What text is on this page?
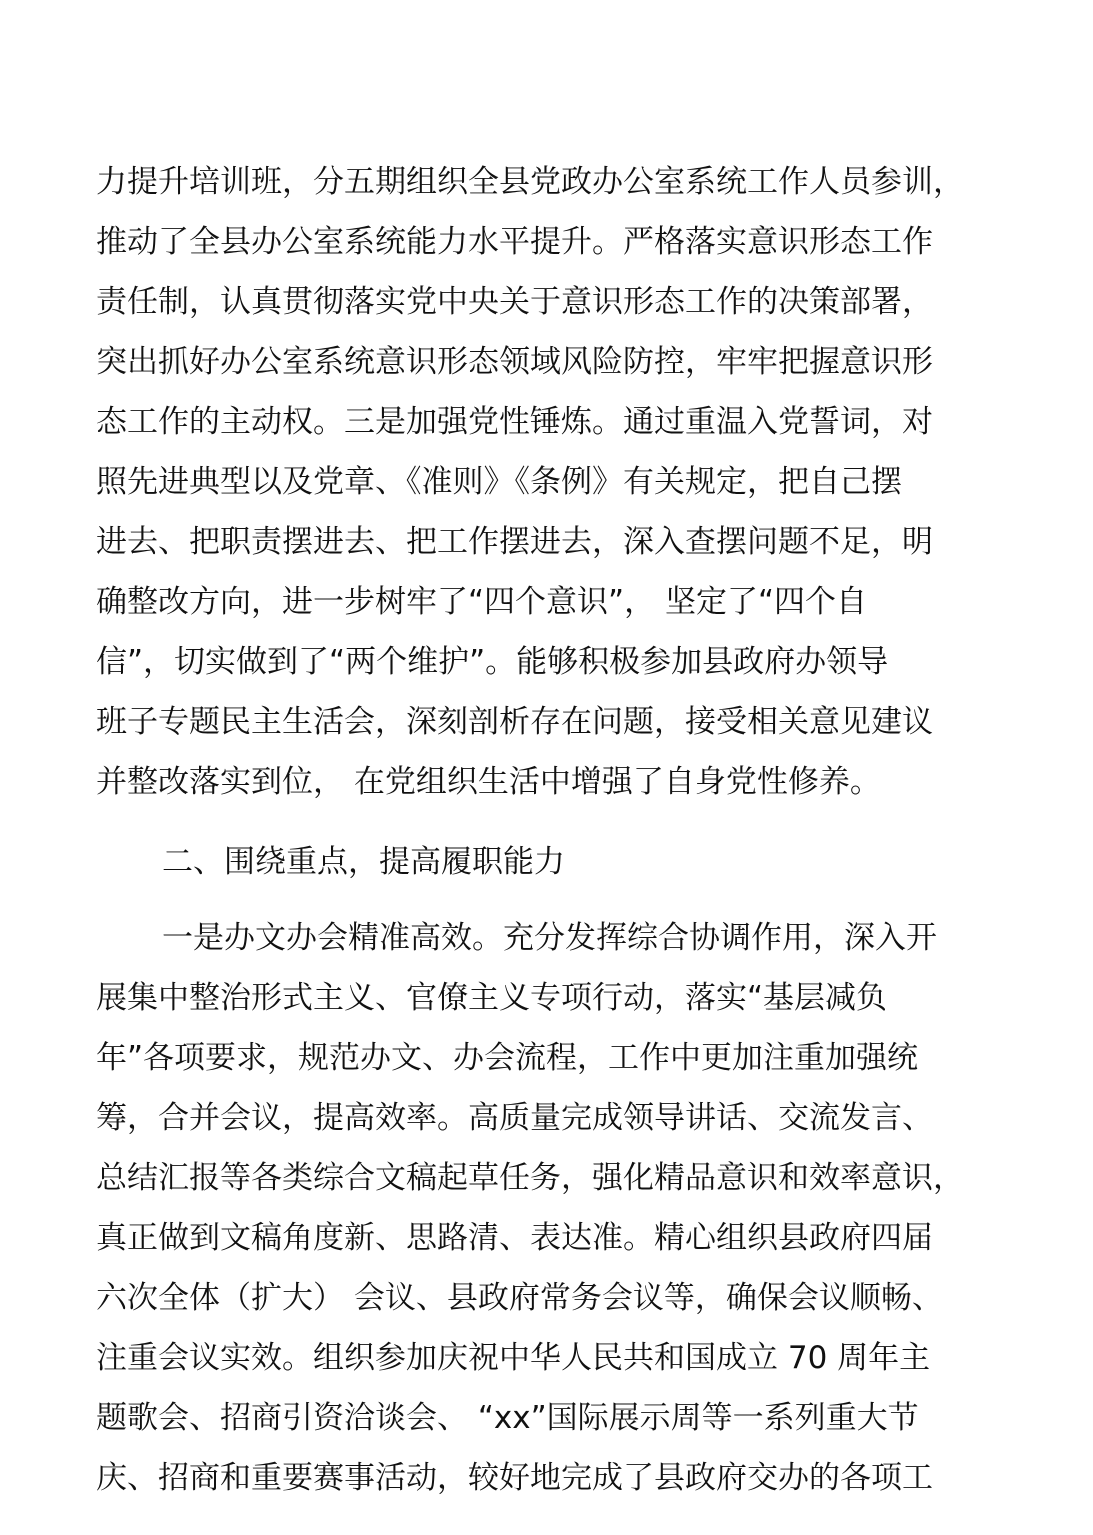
力提升培训班，分五期组织全县党政办公室系统工作人员参训，

推动了全县办公室系统能力水平提升。严格落实意识形态工作

责任制，认真贯彻落实党中央关于意识形态工作的决策部署，

突出抓好办公室系统意识形态领域风险防控，牢牢把握意识形

态工作的主动权。三是加强党性锤炼。通过重温入党誓词，对

照先进典型以及党章、《准则》《条例》有关规定，把自己摆

进去、把职责摆进去、把工作摆进去，深入查摆问题不足，明

确整改方向，进一步树牢了“四个意识”， 坚定了“四个自

信”，切实做到了“两个维护”。能够积极参加县政府办领导

班子专题民主生活会，深刻剖析存在问题，接受相关意见建议

并整改落实到位， 在党组织生活中增强了自身党性修养。

二、围绕重点，提高履职能力

一是办文办会精准高效。充分发挥综合协调作用，深入开

展集中整治形式主义、官僚主义专项行动，落实“基层减负

年”各项要求，规范办文、办会流程，工作中更加注重加强统

筹，合并会议，提高效率。高质量完成领导讲话、交流发言、

总结汇报等各类综合文稿起草任务，强化精品意识和效率意识，

真正做到文稿角度新、思路清、表达准。精心组织县政府四届

六次全体（扩大） 会议、县政府常务会议等，确保会议顺畅、

注重会议实效。组织参加庆祝中华人民共和国成立 70 周年主

题歌会、招商引资洽谈会、 “xx”国际展示周等一系列重大节

庆、招商和重要赛事活动，较好地完成了县政府交办的各项工
